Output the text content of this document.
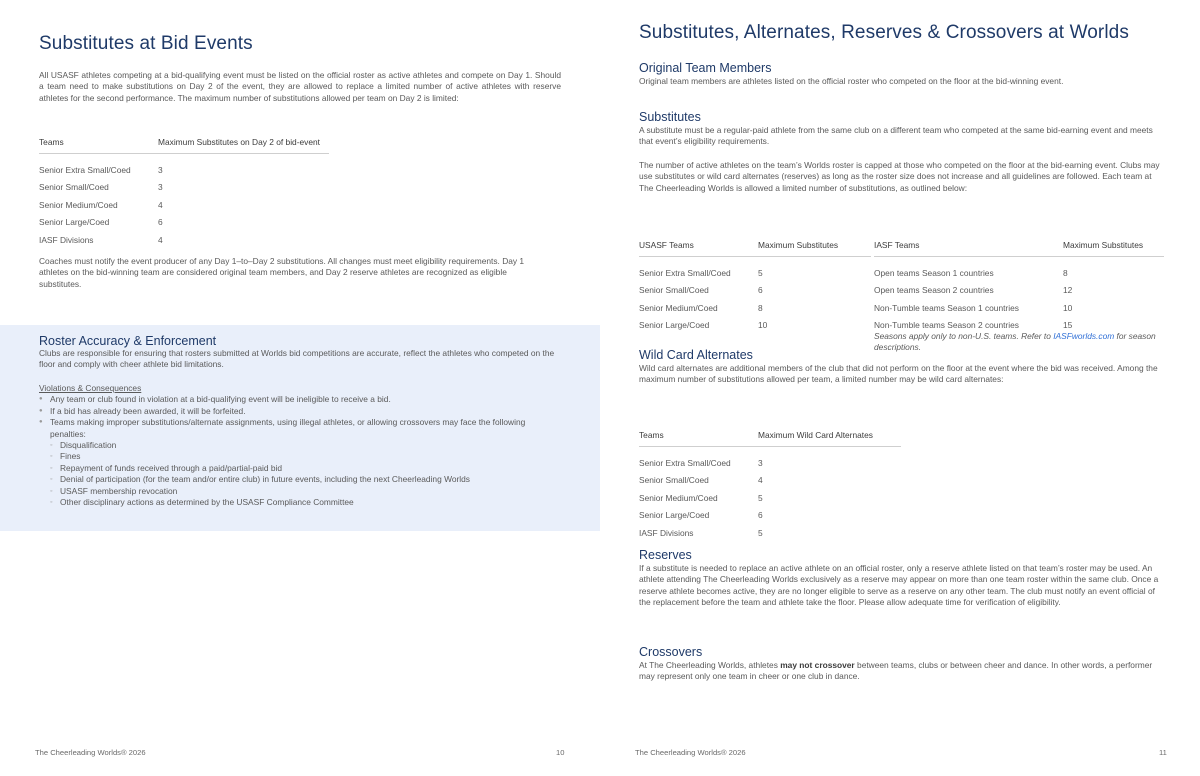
Substitutes at Bid Events

All USASF athletes competing at a bid-qualifying event must be listed on the official roster as active athletes and compete on Day 1. Should a team need to make substitutions on Day 2 of the event, they are allowed to replace a limited number of active athletes with reserve athletes for the second performance. The maximum number of substitutions allowed per team on Day 2 is limited:

Teams	Maximum Substitutes on Day 2 of bid-event

Senior Extra Small/Coed	3
Senior Small/Coed	3
Senior Medium/Coed	4
Senior Large/Coed	6
IASF Divisions	4

Coaches must notify the event producer of any Day 1–to–Day 2 substitutions. All changes must meet eligibility requirements. Day 1 athletes on the bid-winning team are considered original team members, and Day 2 reserve athletes are recognized as eligible substitutes.

Roster Accuracy & Enforcement

Clubs are responsible for ensuring that rosters submitted at Worlds bid competitions are accurate, reflect the athletes who competed on the floor and comply with cheer athlete bid limitations.

Violations & Consequences
● Any team or club found in violation at a bid-qualifying event will be ineligible to receive a bid.
● If a bid has already been awarded, it will be forfeited.
● Teams making improper substitutions/alternate assignments, using illegal athletes, or allowing crossovers may face the following penalties:
◦ Disqualification
◦ Fines
◦ Repayment of funds received through a paid/partial-paid bid
◦ Denial of participation (for the team and/or entire club) in future events, including the next Cheerleading Worlds
◦ USASF membership revocation
◦ Other disciplinary actions as determined by the USASF Compliance Committee
The Cheerleading Worlds® 2026	10
Substitutes, Alternates, Reserves & Crossovers at Worlds
Original Team Members

Original team members are athletes listed on the official roster who competed on the floor at the bid-winning event.

Substitutes

A substitute must be a regular-paid athlete from the same club on a different team who competed at the same bid-earning event and meets that event’s eligibility requirements.

The number of active athletes on the team’s Worlds roster is capped at those who competed on the floor at the bid-earning event. Clubs may use substitutes or wild card alternates (reserves) as long as the roster size does not increase and all guidelines are followed. Each team at The Cheerleading Worlds is allowed a limited number of substitutions, as outlined below:

USASF Teams	Maximum Substitutes

Senior Extra Small/Coed	5
Senior Small/Coed	6
Senior Medium/Coed	8
Senior Large/Coed	10
IASF Teams	Maximum Substitutes

Open teams Season 1 countries	8
Open teams Season 2 countries	12
Non-Tumble teams Season 1 countries	10
Non-Tumble teams Season 2 countries	15

Seasons apply only to non-U.S. teams. Refer to IASFworlds.com for season descriptions.

Wild Card Alternates

Wild card alternates are additional members of the club that did not perform on the floor at the event where the bid was received. Among the maximum number of substitutions allowed per team, a limited number may be wild card alternates:

Teams	Maximum Wild Card Alternates

Senior Extra Small/Coed	3
Senior Small/Coed	4
Senior Medium/Coed	5
Senior Large/Coed	6
IASF Divisions	5
Reserves

If a substitute is needed to replace an active athlete on an official roster, only a reserve athlete listed on that team’s roster may be used. An athlete attending The Cheerleading Worlds exclusively as a reserve may appear on more than one team roster within the same club. Once a reserve athlete becomes active, they are no longer eligible to serve as a reserve on any other team. The club must notify an event official of the replacement before the team and athlete take the floor. Please allow adequate time for verification of eligibility.

Crossovers

At The Cheerleading Worlds, athletes may not crossover between teams, clubs or between cheer and dance. In other words, a performer may represent only one team in cheer or one club in dance.

The Cheerleading Worlds® 2026	11
